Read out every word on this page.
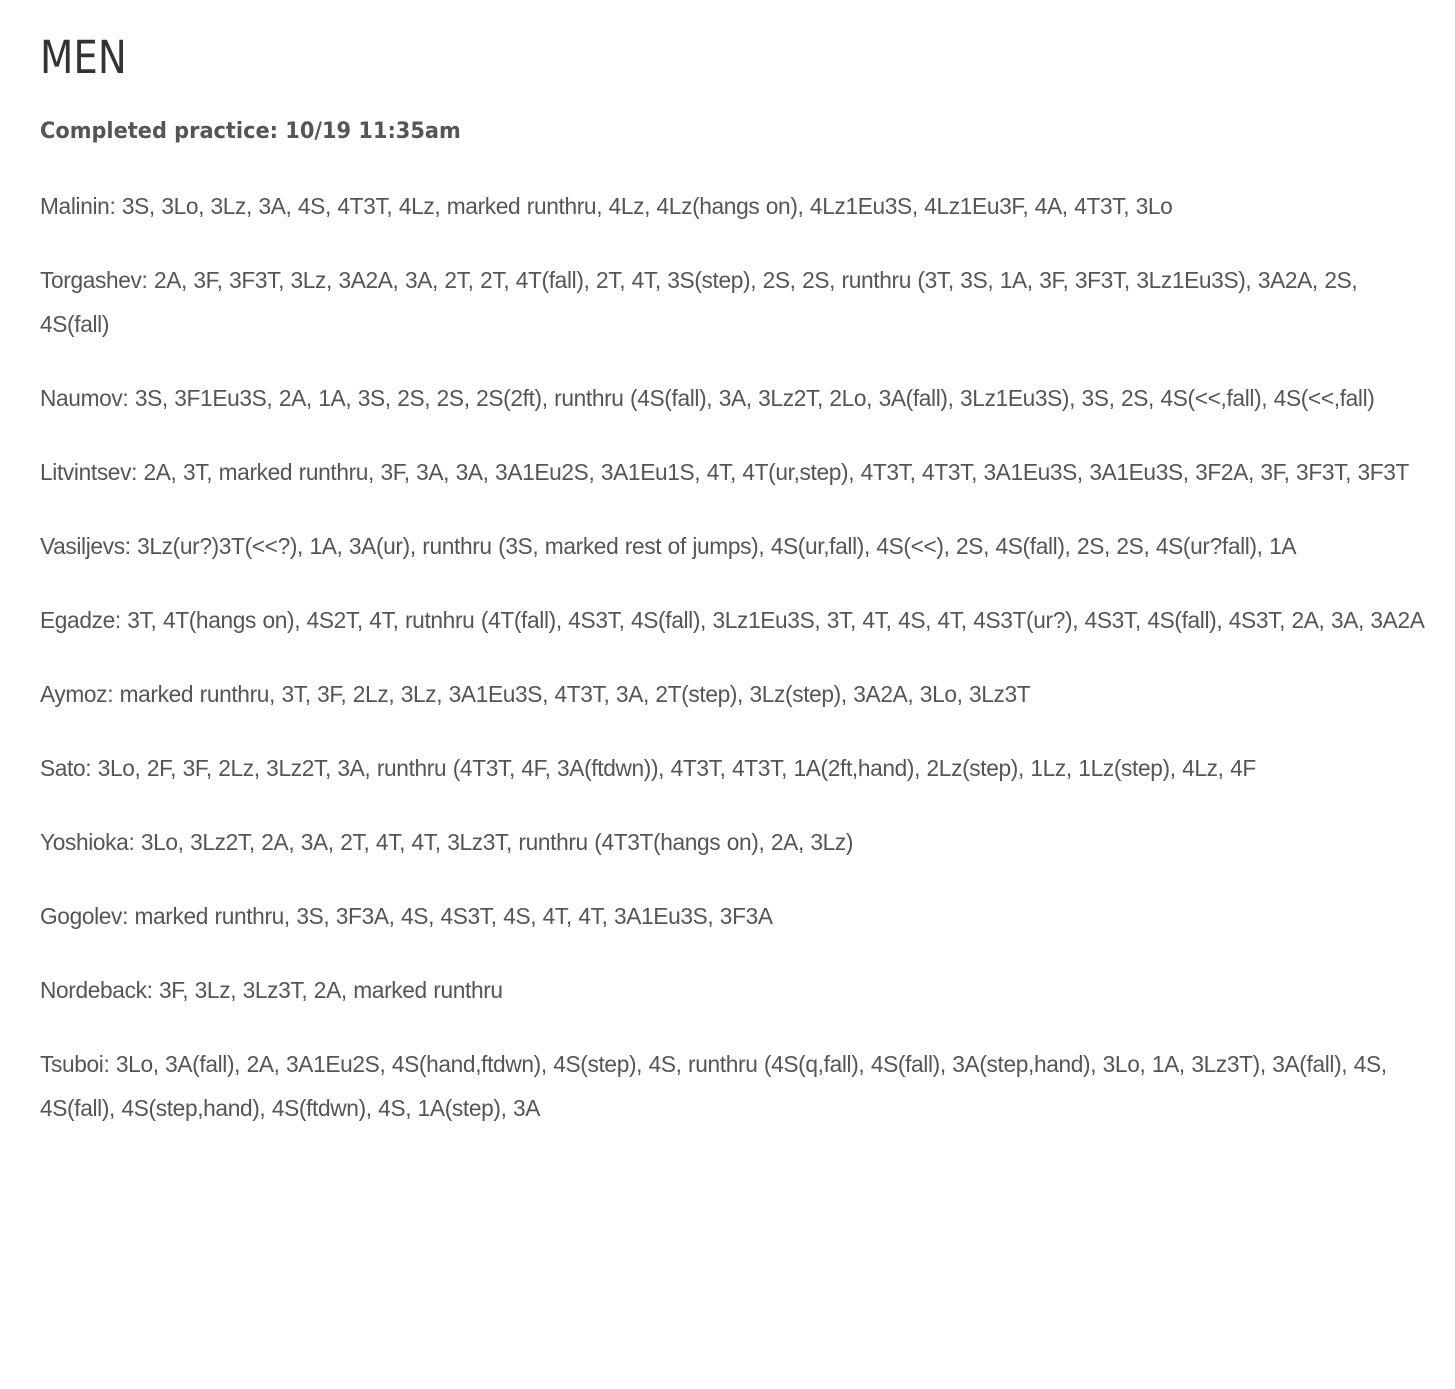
MEN

Completed practice: 10/19 11:35am

Malinin: 3S, 3Lo, 3Lz, 3A, 4S, 4T3T, 4Lz, marked runthru, 4Lz, 4Lz(hangs on), 4Lz1Eu3S, 4Lz1Eu3F, 4A, 4T3T, 3Lo

Torgashev: 2A, 3F, 3F3T, 3Lz, 3A2A, 3A, 2T, 2T, 4T(fall), 2T, 4T, 3S(step), 2S, 2S, runthru (3T, 3S, 1A, 3F, 3F3T, 3Lz1Eu3S), 3A2A, 2S, 4S(fall)

Naumov: 3S, 3F1Eu3S, 2A, 1A, 3S, 2S, 2S, 2S(2ft), runthru (4S(fall), 3A, 3Lz2T, 2Lo, 3A(fall), 3Lz1Eu3S), 3S, 2S, 4S(<<,fall), 4S(<<,fall)

Litvintsev: 2A, 3T, marked runthru, 3F, 3A, 3A, 3A1Eu2S, 3A1Eu1S, 4T, 4T(ur,step), 4T3T, 4T3T, 3A1Eu3S, 3A1Eu3S, 3F2A, 3F, 3F3T, 3F3T

Vasiljevs: 3Lz(ur?)3T(<<?), 1A, 3A(ur), runthru (3S, marked rest of jumps), 4S(ur,fall), 4S(<<), 2S, 4S(fall), 2S, 2S, 4S(ur?fall), 1A

Egadze: 3T, 4T(hangs on), 4S2T, 4T, rutnhru (4T(fall), 4S3T, 4S(fall), 3Lz1Eu3S, 3T, 4T, 4S, 4T, 4S3T(ur?), 4S3T, 4S(fall), 4S3T, 2A, 3A, 3A2A

Aymoz: marked runthru, 3T, 3F, 2Lz, 3Lz, 3A1Eu3S, 4T3T, 3A, 2T(step), 3Lz(step), 3A2A, 3Lo, 3Lz3T

Sato: 3Lo, 2F, 3F, 2Lz, 3Lz2T, 3A, runthru (4T3T, 4F, 3A(ftdwn)), 4T3T, 4T3T, 1A(2ft,hand), 2Lz(step), 1Lz, 1Lz(step), 4Lz, 4F

Yoshioka: 3Lo, 3Lz2T, 2A, 3A, 2T, 4T, 4T, 3Lz3T, runthru (4T3T(hangs on), 2A, 3Lz)

Gogolev: marked runthru, 3S, 3F3A, 4S, 4S3T, 4S, 4T, 4T, 3A1Eu3S, 3F3A

Nordeback: 3F, 3Lz, 3Lz3T, 2A, marked runthru

Tsuboi: 3Lo, 3A(fall), 2A, 3A1Eu2S, 4S(hand,ftdwn), 4S(step), 4S, runthru (4S(q,fall), 4S(fall), 3A(step,hand), 3Lo, 1A, 3Lz3T), 3A(fall), 4S, 4S(fall), 4S(step,hand), 4S(ftdwn), 4S, 1A(step), 3A
